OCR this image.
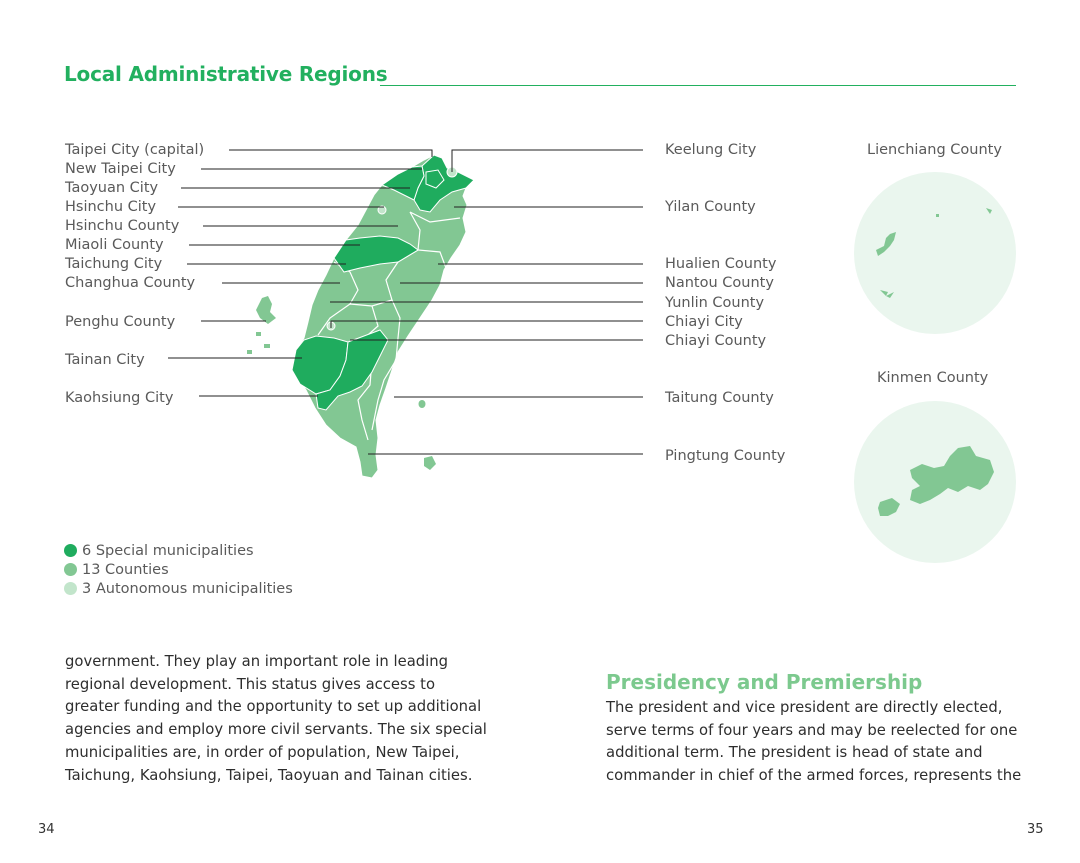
Local Administrative Regions
Taipei City (capital)
New Taipei City
Taoyuan City
Hsinchu City
Hsinchu County
Miaoli County
Taichung City
Changhua County
Penghu County
Tainan City
Kaohsiung City
Keelung City
Yilan County
Hualien County
Nantou County
Yunlin County
Chiayi City
Chiayi County
Taitung County
Pingtung County
Lienchiang County
Kinmen County
6 Special municipalities
13 Counties
3 Autonomous municipalities
government. They play an important role in leading
regional development. This status gives access to
greater funding and the opportunity to set up additional
agencies and employ more civil servants. The six special
municipalities are, in order of population, New Taipei,
Taichung, Kaohsiung, Taipei, Taoyuan and Tainan cities.
Presidency and Premiership
The president and vice president are directly elected,
serve terms of four years and may be reelected for one
additional term. The president is head of state and
commander in chief of the armed forces, represents the
34	35
